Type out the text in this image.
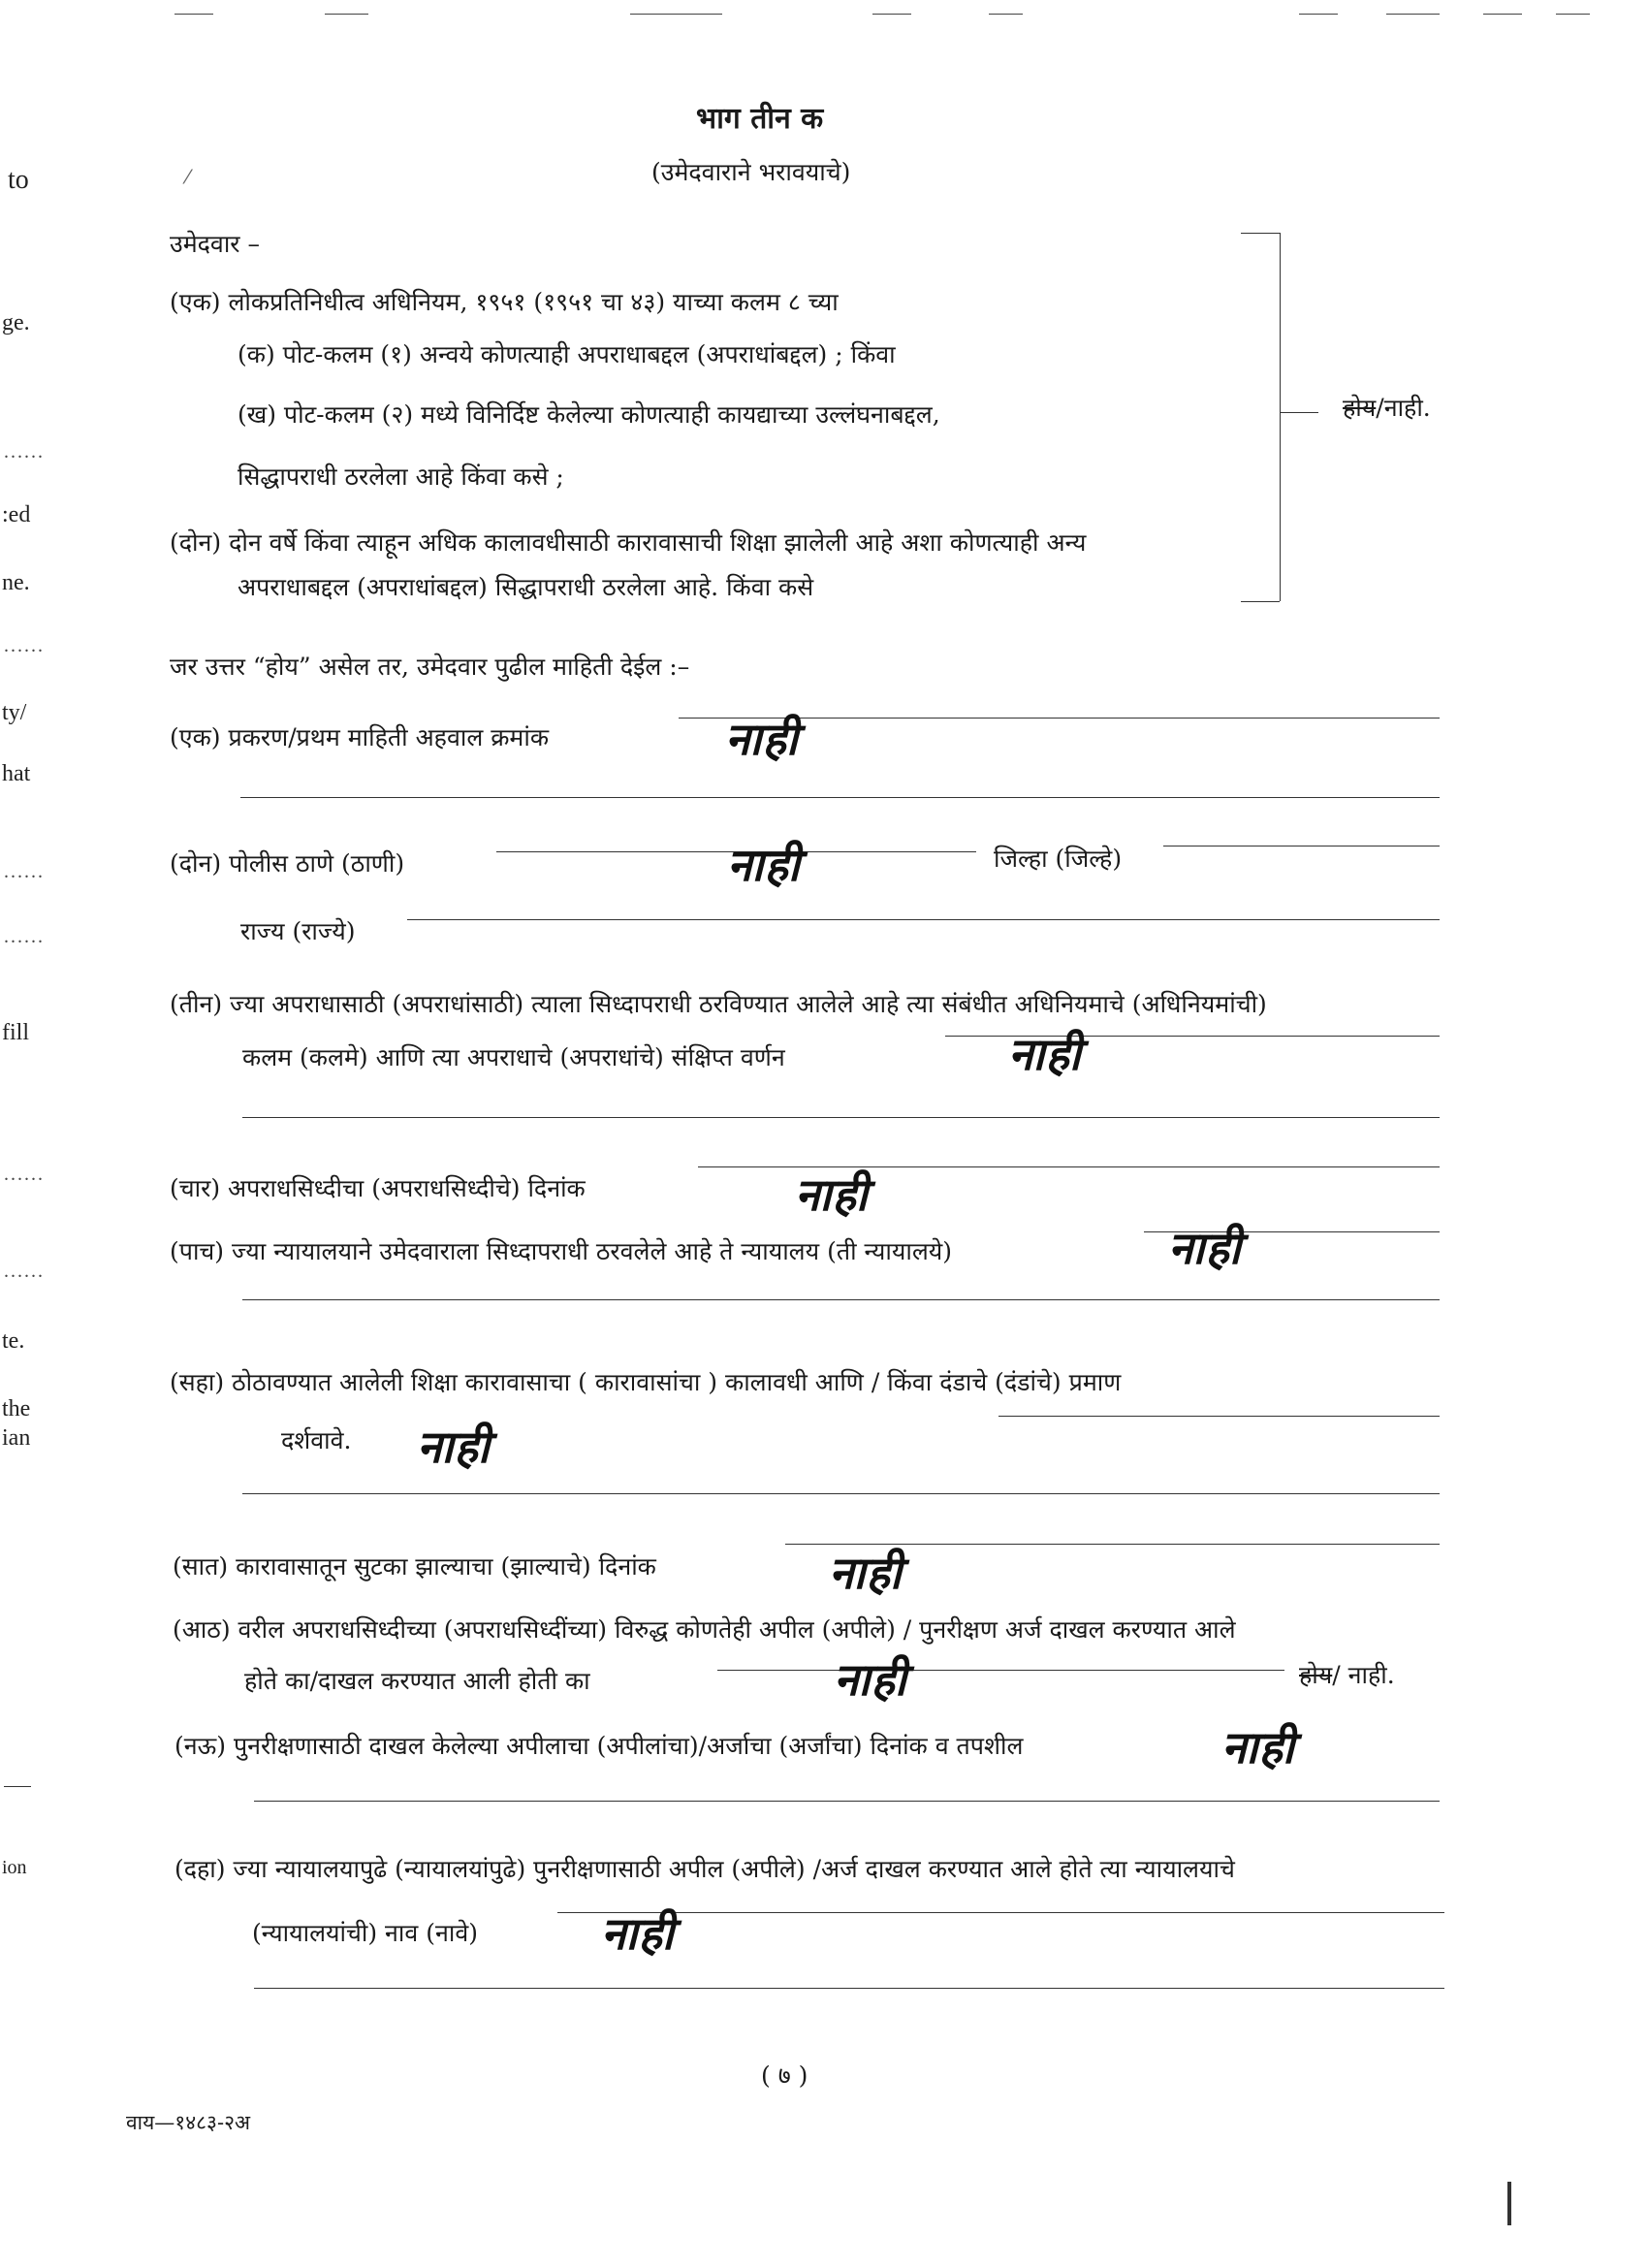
to
ge.
......
:ed
ne.
......
ty/
hat
......
......
fill
......
......
te.
the
ian
ion
भाग तीन क
(उमेदवाराने भरावयाचे)
⁄
उमेदवार –
(एक) लोकप्रतिनिधीत्व अधिनियम, १९५१ (१९५१ चा ४३) याच्या कलम ८ च्या
(क) पोट-कलम (१) अन्वये कोणत्याही अपराधाबद्दल (अपराधांबद्दल) ; किंवा
(ख) पोट-कलम (२) मध्ये विनिर्दिष्ट केलेल्या कोणत्याही कायद्याच्या उल्लंघनाबद्दल,
सिद्धापराधी ठरलेला आहे किंवा कसे ;
(दोन) दोन वर्षे किंवा त्याहून अधिक कालावधीसाठी कारावासाची शिक्षा झालेली आहे अशा कोणत्याही अन्य
अपराधाबद्दल (अपराधांबद्दल) सिद्धापराधी ठरलेला आहे. किंवा कसे
होय/नाही.
जर उत्तर “होय” असेल तर, उमेदवार पुढील माहिती देईल :–
(एक) प्रकरण/प्रथम माहिती अहवाल क्रमांक	नाही
(दोन) पोलीस ठाणे (ठाणी)	नाही	जिल्हा (जिल्हे)
राज्य (राज्ये)
(तीन) ज्या अपराधासाठी (अपराधांसाठी) त्याला सिध्दापराधी ठरविण्यात आलेले आहे त्या संबंधीत अधिनियमाचे (अधिनियमांची)
कलम (कलमे) आणि त्या अपराधाचे (अपराधांचे) संक्षिप्त वर्णन	नाही
(चार) अपराधसिध्दीचा (अपराधसिध्दीचे) दिनांक	नाही
(पाच) ज्या न्यायालयाने उमेदवाराला सिध्दापराधी ठरवलेले आहे ते न्यायालय (ती न्यायालये)	नाही
(सहा) ठोठावण्यात आलेली शिक्षा कारावासाचा ( कारावासांचा ) कालावधी आणि / किंवा दंडाचे (दंडांचे) प्रमाण
दर्शवावे. नाही
(सात) कारावासातून सुटका झाल्याचा (झाल्याचे) दिनांक	नाही
(आठ) वरील अपराधसिध्दीच्या (अपराधसिध्दींच्या) विरुद्ध कोणतेही अपील (अपीले) / पुनरीक्षण अर्ज दाखल करण्यात आले
होते का/दाखल करण्यात आली होती का	नाही	होय/ नाही.
(नऊ) पुनरीक्षणासाठी दाखल केलेल्या अपीलाचा (अपीलांचा)/अर्जाचा (अर्जांचा) दिनांक व तपशील	नाही
(दहा) ज्या न्यायालयापुढे (न्यायालयांपुढे) पुनरीक्षणासाठी अपील (अपीले) /अर्ज दाखल करण्यात आले होते त्या न्यायालयाचे
(न्यायालयांची) नाव (नावे)	नाही
( ७ )
वाय—१४८३-२अ
